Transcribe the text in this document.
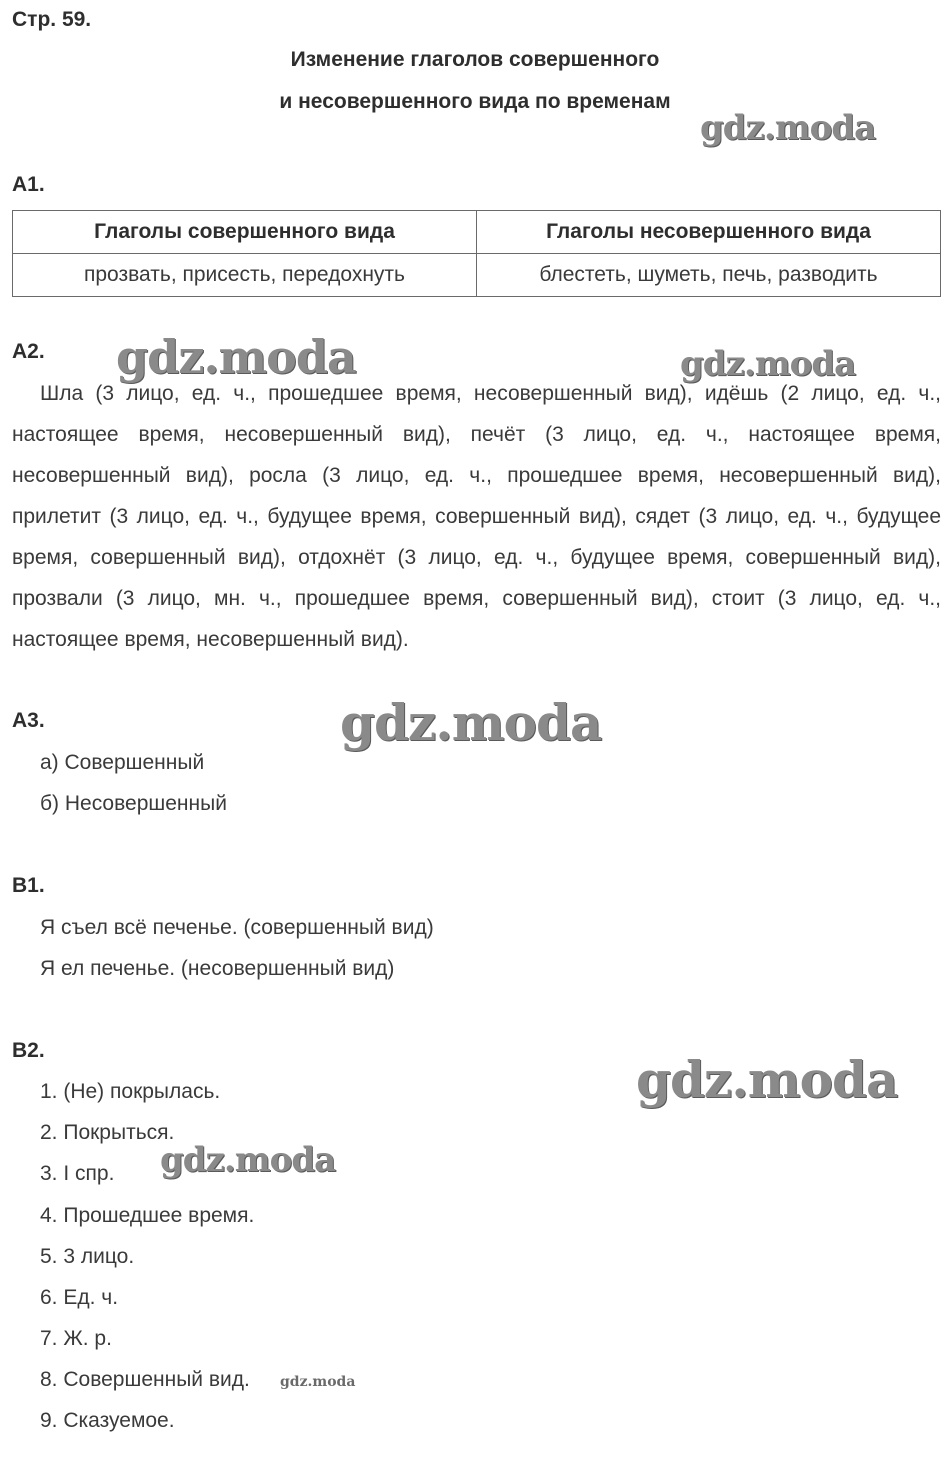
Стр. 59.
Изменение глаголов совершенного
и несовершенного вида по временам
А1.
Глаголы совершенного вида	Глаголы несовершенного вида
прозвать, присесть, передохнуть	блестеть, шуметь, печь, разводить
А2.
Шла (3 лицо, ед. ч., прошедшее время, несовершенный вид), идёшь (2 лицо, ед. ч., настоящее время, несовершенный вид), печёт (3 лицо, ед. ч., настоящее время, несовершенный вид), росла (3 лицо, ед. ч., прошедшее время, несовершенный вид), прилетит (3 лицо, ед. ч., будущее время, совершенный вид), сядет (3 лицо, ед. ч., будущее время, совершенный вид), отдохнёт (3 лицо, ед. ч., будущее время, совершенный вид), прозвали (3 лицо, мн. ч., прошедшее время, совершенный вид), стоит (3 лицо, ед. ч., настоящее время, несовершенный вид).
А3.
а) Совершенный
б) Несовершенный
В1.
Я съел всё печенье. (совершенный вид)
Я ел печенье. (несовершенный вид)
В2.
1. (Не) покрылась.
2. Покрыться.
3. I спр.
4. Прошедшее время.
5. 3 лицо.
6. Ед. ч.
7. Ж. р.
8. Совершенный вид.
9. Сказуемое.
gdz.moda
gdz.moda	gdz.moda
gdz.moda
gdz.moda
gdz.moda
gdz.moda
